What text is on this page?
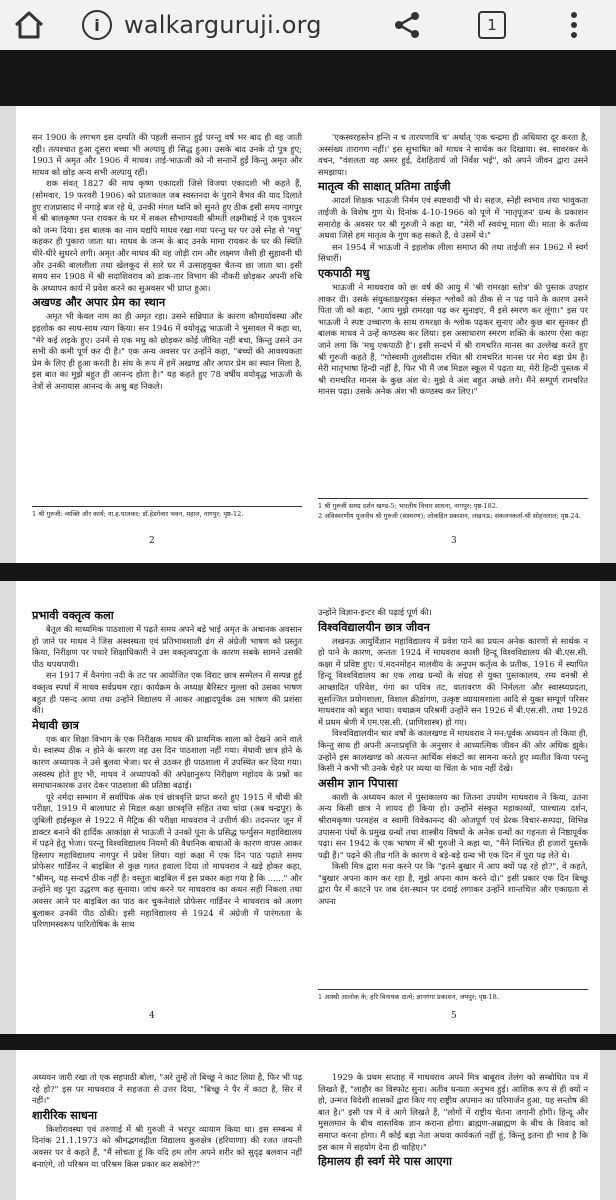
i	walkarguruji.org	1

सन 1900 के लगभग इस दम्पति की पहली सन्तान हुई परन्तु वर्ष भर बाद ही वह जाती रही। तत्पश्चात हुआ दूसरा बच्चा भी अल्पायु ही सिद्ध हुआ। उसके बाद उनके दो पुत्र हुए; 1903 में अमृत और 1906 में माधव। ताई-भाऊजी को नौ सन्तानें हुईं किन्तु अमृत और माधव को छोड़ अन्य सभी अल्पायु रहीं।

शक संवत् 1827 की माघ कृष्ण एकादशी जिसे विजया एकादशी भी कहते हैं, (सोमवार, 19 फरवरी 1906) को प्रातःकाल जब स्वस्तनदा के पुराने वैभव की याद दिलाते हुए राजप्रासाद में नगाड़े बज रहे थे, उनकी मंगल ध्वनि को सुनते हुए ठीक इसी समय नागपुर में श्री बालकृष्ण पन्त रायकर के घर में सकल सौभाग्यवती श्रीमती लक्ष्मीबाई ने एक पुत्ररत्न को जन्म दिया। इस बालक का नाम यद्यपि माधव रखा गया परन्तु घर पर उसे स्नेह से 'मधु' कहकर ही पुकारा जाता था। माधव के जन्म के बाद उनके मामा रायकर के घर की स्थिति धीरे-धीरे सुधरने लगी। अमृत और माधव की यह जोड़ी राम और लक्ष्मण जैसी ही सुहावनी थी और उनकी बाललीला तथा खेलकूद से सारे घर में उत्साहयुक्त चैतन्य छा जाता था। इसी समय सन 1908 में श्री सदाशिवराव को डाक-तार विभाग की नौकरी छोड़कर अपनी रुचि के अध्यापन कार्य में प्रवेश करने का सुअवसर भी प्राप्त हुआ।

अखण्ड और अपार प्रेम का स्थान

अमृत भी केवल नाम का ही अमृत रहा। उसने सन्निपात के कारण कौमार्यावस्था और इहलोक का साथ-साथ त्याग किया। सन 1946 में वयोवृद्ध भाऊजी ने भुसावल में कहा था, "मेरे कई लड़के हुए। उनमें से एक मधु को छोड़कर कोई जीवित नहीं बचा, किन्तु उसने उन सभी की कमी पूर्ण कर दी है।" एक अन्य अवसर पर उन्होंने कहा, "बच्चों की आवश्यकता प्रेम के लिए ही हुआ करती है। संघ के रूप में हमें अखण्ड और अपार प्रेम का स्थान मिला है, इस बात का मुझे बहुत ही आनन्द होता है।" यह कहते हुए 78 वर्षीय वयोवृद्ध भाऊजी के नेत्रों से अनायास आनन्द के अश्रु बह निकले।

1 श्री गुरुजी: व्यक्ति और कार्य; ना.ह.पालकर; डॉ.हेडगेवार भवन, महाल, नागपुर; पृष्ठ-12.

2

'एकस्वरहस्तेन हन्ति न च तारयणावि च' अर्थात् 'एक चन्द्रमा ही अधियारा दूर करता है, अस्संख्य तारागण नहीं।' इस सुभाषित को माधव ने सार्थक कर दिखाया। स्व. सावरकर के वचन, "वंशलता वह अमर हुई, देशहितार्थ जो निर्वंश भई", को अपने जीवन द्वारा उसने समझाया।

मातृत्व की साक्षात् प्रतिमा ताईजी

आदर्श शिक्षक भाऊजी निर्मम एवं स्पष्टवादी भी थे। सहज, स्नेही स्वभाव तथा भावुकता ताईजी के विशेष गुण थे। दिनांक 4-10-1966 को पूणे में 'मातृपूजन' ग्रन्थ के प्रकाशन समारोह के अवसर पर श्री गुरुजी ने कहा था, "मेरी माँ स्वयंभू माता थी। माता के कर्तव्य अथवा जिसे हम मातृत्व के गुण कह सकते हैं, वे उसमें थे।"

सन 1954 में भाऊजी ने इहलोक लीला समाप्त की तथा ताईजी सन 1962 में स्वर्ग सिधारीं।

एकपाठी मधु

भाऊजी ने माधवराव को छः वर्ष की आयु में 'श्री रामरक्षा स्तोत्र' की पुस्तक उपहार लाकर दी। उसके संयुक्ताक्षरयुक्त संस्कृत श्लोकों को ठीक से न पढ़ पाने के कारण उसने पिता जी को कहा, "आप मुझे रामरक्षा पढ़ कर सुनाइए, मैं इसे स्मरण कर लूंगा।" इस पर भाऊजी ने स्पष्ट उच्चारण के साथ रामरक्षा के श्लोक पढ़कर सुनाए और कुछ बार सुनकर ही बालक माधव ने उन्हें कण्ठस्थ कर लिया। इस असाधारण स्मरण शक्ति के कारण ऐसा कहा जाने लगा कि 'मधु एकपाठी है'। इसी सन्दर्भ में श्री रामचरित मानस का उल्लेख करते हुए श्री गुरुजी कहते हैं, "गोस्वामी तुलसीदास रचित श्री रामचरित मानस पर मेरा बड़ा प्रेम है। मेरी मातृभाषा हिन्दी नहीं है, फिर भी मैं जब मिडल स्कूल में पढ़ता था, मेरी हिन्दी पुस्तक में श्री रामचरित मानस के कुछ अंश थे। मुझे वे अंश बहुत अच्छे लगे। मैंने सम्पूर्ण रामचरित मानस पढ़ा। उसके अनेक अंश भी कण्ठस्थ कर लिए।"

1 श्री गुरुजी समग्र दर्शन खण्ड-5; भारतीय विचार साधना, नागपुर; पृष्ठ-182.

2 अविस्मरणीय पूजनीय श्री गुरुजी (संस्मरण); लोकहित प्रकाशन, लखनऊ; संकलनकर्ता-श्री सोहनलाल; पृष्ठ-24.

3
प्रभावी वक्तृत्व कला

बैतूल की माध्यमिक पाठशाला में पढ़ते समय अपने बड़े भाई अमृत के अचानक अवसान हो जाने पर माधव ने जिस अस्वस्थता एवं प्रतिभावशाली ढंग से अंग्रेजी भाषण को प्रस्तुत किया, निरीक्षण पर पधारे शिक्षाधिकारी ने उस वक्तृत्वपटुता के कारण सबके सामने उसकी पीठ थपथपायी।

सन 1917 में वैनगंगा नदी के तट पर आयोजित एक विराट छात्र सम्मेलन में सम्पन्न हुई वक्तृत्व स्पर्धा में माधव सर्वप्रथम रहा। कार्यक्रम के अध्यक्ष बैरिस्टर मुल्ला को उसका भाषण बहुत ही पसन्द आया तथा उन्होंने विद्यालय में आकर आह्लादपूर्वक उस भाषण की प्रशंसा की।

मेधावी छात्र

एक बार शिक्षा विभाग के एक निरीक्षक माधव की प्राथमिक शाला को देखने आने वाले थे। स्वास्थ्य ठीक न होने के कारण वह उस दिन पाठशाला नहीं गया। मेधावी छात्र होने के कारण अध्यापक ने उसे बुलवा भेजा। घर से उठकर ही पाठशाला में उपस्थित कर दिया गया। अस्वस्थ होते हुए भी, माधव ने अध्यापकों की अपेक्षानुरूप निरीक्षण महोदय के प्रश्नों का समाधानकारक उत्तर देकर पाठशाला की प्रतिष्ठा बढ़ाई।

पूरे नर्मदा सम्भाग में सर्वाधिक अंक एवं छात्रवृत्ति प्राप्त करते हुए 1915 में चौथी की परीक्षा, 1919 में बालाघाट से मिडल कक्षा छात्रवृत्ति सहित तथा चांदा (अब चन्द्रपुर) के जुबिली हाईस्कूल से 1922 में मैट्रिक की परीक्षा माधवराव ने उत्तीर्ण की। तदनन्तर जून में डाक्टर बनाने की हार्दिक आकांक्षा से भाऊजी ने उनको पूना के प्रसिद्ध फर्ग्युसन महाविद्यालय में पढ़ने हेतु भेजा। परन्तु विश्वविद्यालय नियमों की वैधानिक बाधाओं के कारण वापस आकर हिस्लाप महाविद्यालय नागपुर में प्रवेश लिया। यहां कक्षा में एक दिन पाठ पढ़ाते समय प्रोफेसर गार्डिनर ने बाइबिल से कुछ गलत हवाला दिया तो माधवराव ने खड़े होकर कहा, "श्रीमन्, यह सन्दर्भ ठीक नहीं है। वस्तुतः बाइबिल में इस प्रकार कहा गया है कि ......" और उन्होंने वह पूरा उद्धरण कह सुनाया। जांच करने पर माधवराव का कथन सही निकला तथा अवसर आने पर बाइबिल का पाठ कर चुकनेवाले प्रोफेसर गार्डिनर ने माधवराव को अलग बुलाकर उनकी पीठ ठोंकी। इसी महाविद्यालय से 1924 में अंग्रेजी में पारंगतता के परिणामस्वरूप पारितोषिक के साथ

4

उन्होंने विज्ञान-इन्टर की पढ़ाई पूर्ण की।

विश्वविद्यालयीन छात्र जीवन

लखनऊ आयुर्विज्ञान महाविद्यालय में प्रवेश पाने का प्रयत्न अनेक कारणों से सार्थक न हो पाने के कारण, अन्ततः 1924 में माधवराव काशी हिन्दू विश्वविद्यालय की बी.एस.सी. कक्षा में प्रविष्ट हुए। पं.मदनमोहन मालवीय के अनुपम कर्तृत्व के प्रतीक, 1916 में स्थापित हिन्दू विश्वविद्यालय का एक लाख ग्रन्थों के संग्रह से युक्त पुस्तकालय, रम्य वनश्री से आच्छादित परिवेश, गंगा का पवित्र तट, वातावरण की निर्मलता और स्वास्थ्यप्रदता, सुसज्जित प्रयोगशाला, विशाल क्रीडांगण, उत्कृष्ट व्यायामशाला आदि से युक्त सम्पूर्ण परिसर माधवराव को बहुत भाया। यथाक्रम परिश्रमी उन्होंने सन 1926 में बी.एस.सी. तथा 1928 में प्रथम श्रेणी में एम.एस.सी. (प्राणिशास्त्र) हो गए।

विश्वविद्यालयीन चार वर्षों के कालखण्ड में माधवराव ने मन:पूर्वक अध्ययन तो किया ही, किन्तु साथ ही अपनी अन्तःप्रवृत्ति के अनुसार वे आध्यात्मिक जीवन की ओर अधिक झुके। उन्होंने इस कालखण्ड को अत्यन्त आर्थिक संकटों का सामना करते हुए व्यतीत किया परन्तु किसी ने कभी भी उनके चेहरे पर व्यथा या चिंता के भाव नहीं देखे।

असीम ज्ञान पिपासा

काशी के अध्ययन काल में पुस्तकालय का जितना उपयोग माधवराव ने किया, उतना अन्य किसी छात्र ने शायद ही किया हो। उन्होंने संस्कृत महाकाव्यों, पाश्चात्य दर्शन, श्रीरामकृष्ण परमहंस व स्वामी विवेकानन्द की ओजपूर्ण एवं प्रेरक विचार-सम्पदा, विभिन्न उपासना पंथों के प्रमुख ग्रन्थों तथा शास्त्रीय विषयों के अनेक ग्रन्थों का गहनता से निष्ठापूर्वक पढ़ा। सन 1942 के एक भाषण में श्री गुरुजी ने कहा था, "मैंने निश्चित ही हजारों पुस्तकें पढ़ी हैं।" पढ़ने की तीव्र गति के कारण वे बड़े-बड़े ग्रन्थ भी एक दिन में पूरा पढ़ लेते थे।

किसी मित्र द्वारा मना करने पर कि "इतने बुखार में आप क्यों पढ़ रहे हो?", वे कहते, "बुखार अपना काम कर रहा है, मुझे अपना काम करने दो।" इसी प्रकार एक दिन बिच्छू द्वारा पैर में काटने पर जब दंश-स्थान पर दवाई लगाकर उन्होंने शान्तचित्त और एकाग्रता से अपना

1 आस्थी आलोक के; हरि विनायक दात्ये; ज्ञानगंगा प्रकाशन, जयपुर; पृष्ठ-18.

5

अध्ययन जारी रखा तो एक सहपाठी बोला, "अरे तुम्हें तो बिच्छू ने काट लिया है, फिर भी पढ़ रहे हो?" इस पर माधवराव ने सहजता से उत्तर दिया, "बिच्छू ने पैर में काटा है, सिर में नहीं।"

शारीरिक साधना

किशोरावस्था एवं तरुणाई में श्री गुरुजी ने भरपूर व्यायाम किया था। इस सम्बन्ध में दिनांक 21.1.1973 को श्रीमद्भगवद्गीता विद्यालय कुरुक्षेत्र (हरियाणा) की रजत जयन्ती अवसर पर वे कहते हैं, "मैं सोचता हूं कि यदि हम लोग अपने शरीर को सुदृढ़ बलवान नहीं बनाएंगे, तो परिश्रम या परिश्रम किस प्रकार कर सकोगे?"

1929 के प्रथम सप्ताह में माधवराव अपने मित्र बाबूराव तेलंग को सम्बोधित पत्र में लिखते हैं, "लाहौर का विस्फोट सुना। अतीव धन्यता अनुभव हुई। आशिक रूप से ही क्यों न हो, उन्मत्त विदेशी शासकों द्वारा किए गए राष्ट्रीय अपमान का परिमार्जन हुआ, यह सन्तोष की बात है।" इसी पत्र में वे आगे लिखते हैं, "लोगों में राष्ट्रीय चेतना जगानी होगी। हिन्दू और मुसलमान के बीच वास्तविक ज्ञान कराना होगा। ब्राह्मण-अब्राह्मण के बीच के विवाद को समाप्त करना होगा। मैं कोई बड़ा नेता अथवा कार्यकर्ता नहीं हूं, किन्तु इतना ही भाव है कि इस काम में सहयोग देना ही चाहिए।"

हिमालय ही स्वर्ग मेरे पास आएगा
